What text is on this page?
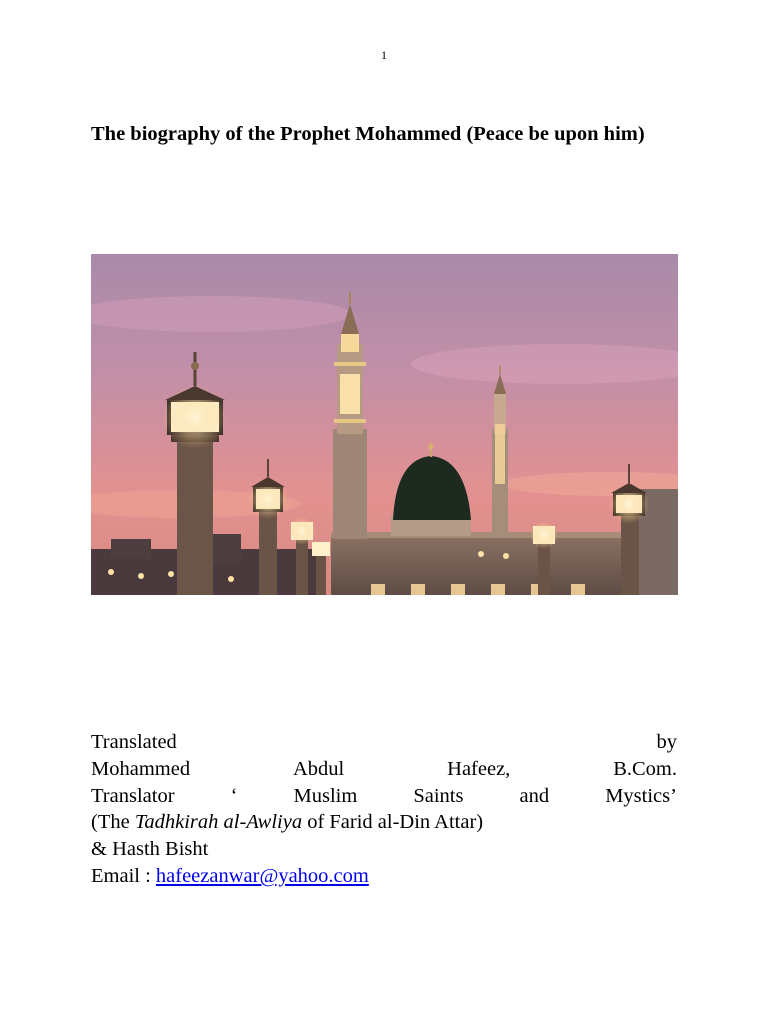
1
The biography of the Prophet Mohammed (Peace be upon him)
Translated	by
Mohammed	Abdul	Hafeez,	B.Com.
Translator	‘	Muslim	Saints	and	Mystics’
(The Tadhkirah al-Awliya of Farid al-Din Attar)
& Hasth Bisht
Email : hafeezanwar@yahoo.com
